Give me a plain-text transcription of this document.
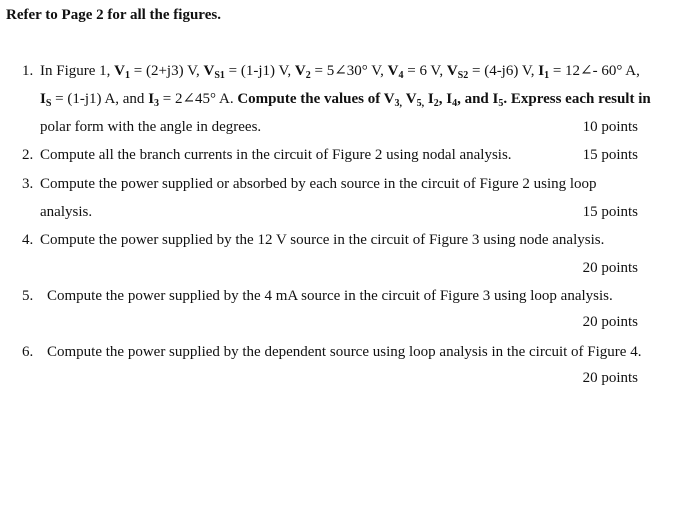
Refer to Page 2 for all the figures.
1. In Figure 1, $V_1 = (2+j3)$ V, $V_{S1} = (1-j1)$ V, $V_2$ = 5∠30° V, $V_4 = 6$ V, $V_{S2} = (4-j6)$ V, $I_1$ = 12∠- 60° A,
$I_S = (1-j1)$ A, and $I_3$ = 2∠45° A. Compute the values of $V_{3,}$ $V_{5,}$ $I_2$, $I_4$, and $I_5$. Express each result in
polar form with the angle in degrees.	10 points
2. Compute all the branch currents in the circuit of Figure 2 using nodal analysis.	15 points
3. Compute the power supplied or absorbed by each source in the circuit of Figure 2 using loop
analysis.	15 points
4. Compute the power supplied by the 12 V source in the circuit of Figure 3 using node analysis.
20 points
5. Compute the power supplied by the 4 mA source in the circuit of Figure 3 using loop analysis.
20 points
6. Compute the power supplied by the dependent source using loop analysis in the circuit of Figure 4.
20 points
